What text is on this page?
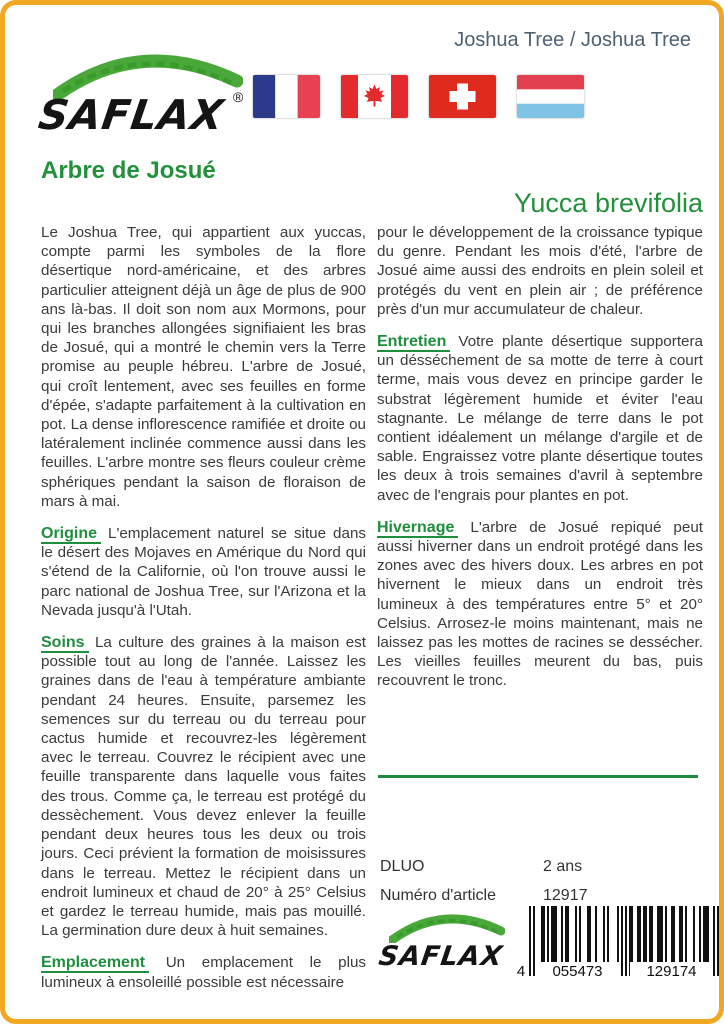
Joshua Tree / Joshua Tree
SAFLAX ®
Arbre de Josué
Yucca brevifolia

Le Joshua Tree, qui appartient aux yuccas, compte parmi les symboles de la flore désertique nord-américaine, et des arbres particulier atteignent déjà un âge de plus de 900 ans là-bas. Il doit son nom aux Mormons, pour qui les branches allongées signifiaient les bras de Josué, qui a montré le chemin vers la Terre promise au peuple hébreu. L'arbre de Josué, qui croît lentement, avec ses feuilles en forme d'épée, s'adapte parfaitement à la cultivation en pot. La dense inflorescence ramifiée et droite ou latéralement inclinée commence aussi dans les feuilles. L'arbre montre ses fleurs couleur crème sphériques pendant la saison de floraison de mars à mai.

Origine L'emplacement naturel se situe dans le désert des Mojaves en Amérique du Nord qui s'étend de la Californie, où l'on trouve aussi le parc national de Joshua Tree, sur l'Arizona et la Nevada jusqu'à l'Utah.

Soins La culture des graines à la maison est possible tout au long de l'année. Laissez les graines dans de l'eau à température ambiante pendant 24 heures. Ensuite, parsemez les semences sur du terreau ou du terreau pour cactus humide et recouvrez-les légèrement avec le terreau. Couvrez le récipient avec une feuille transparente dans laquelle vous faites des trous. Comme ça, le terreau est protégé du dessèchement. Vous devez enlever la feuille pendant deux heures tous les deux ou trois jours. Ceci prévient la formation de moisissures dans le terreau. Mettez le récipient dans un endroit lumineux et chaud de 20° à 25° Celsius et gardez le terreau humide, mais pas mouillé. La germination dure deux à huit semaines.

Emplacement Un emplacement le plus lumineux à ensoleillé possible est nécessaire

pour le développement de la croissance typique du genre. Pendant les mois d'été, l'arbre de Josué aime aussi des endroits en plein soleil et protégés du vent en plein air ; de préférence près d'un mur accumulateur de chaleur.

Entretien Votre plante désertique supportera un désséchement de sa motte de terre à court terme, mais vous devez en principe garder le substrat légèrement humide et éviter l'eau stagnante. Le mélange de terre dans le pot contient idéalement un mélange d'argile et de sable. Engraissez votre plante désertique toutes les deux à trois semaines d'avril à septembre avec de l'engrais pour plantes en pot.

Hivernage L'arbre de Josué repiqué peut aussi hiverner dans un endroit protégé dans les zones avec des hivers doux. Les arbres en pot hivernent le mieux dans un endroit très lumineux à des températures entre 5° et 20° Celsius. Arrosez-le moins maintenant, mais ne laissez pas les mottes de racines se dessécher. Les vieilles feuilles meurent du bas, puis recouvrent le tronc.

DLUO	2 ans
Numéro d'article	12917
SAFLAX 4	055473	129174
